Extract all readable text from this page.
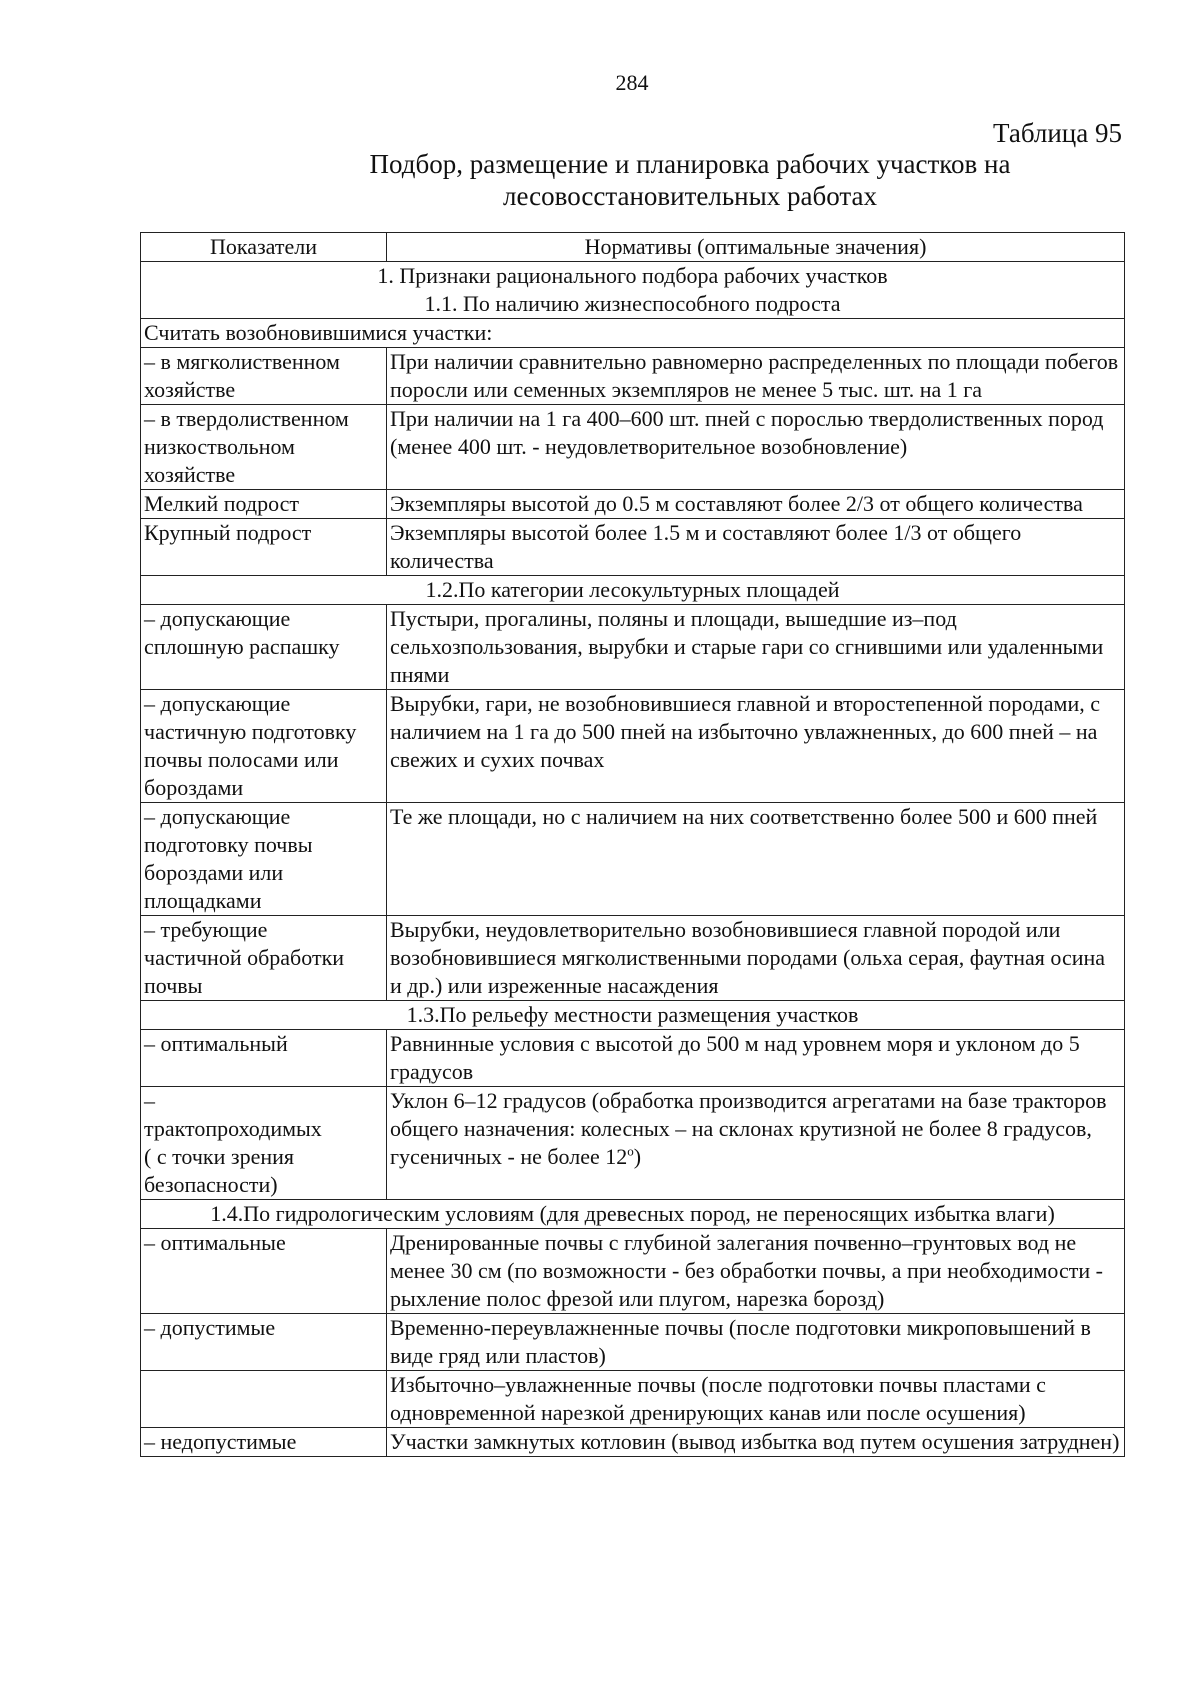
284
Таблица 95
Подбор, размещение и планировка рабочих участков на
лесовосстановительных работах
Показатели	Нормативы (оптимальные значения)
1. Признаки рационального подбора рабочих участков
1.1. По наличию жизнеспособного подроста	
Считать возобновившимися участки:	
– в мягколиственном
хозяйстве	При наличии сравнительно равномерно распределенных по площади побегов поросли или семенных экземпляров не менее 5 тыс. шт. на 1 га
– в твердолиственном
низкоствольном
хозяйстве	При наличии на 1 га 400–600 шт. пней с порослью твердолиственных пород (менее 400 шт. - неудовлетворительное возобновление)
Мелкий подрост	Экземпляры высотой до 0.5 м составляют более 2/3 от общего количества
Крупный подрост	Экземпляры высотой более 1.5 м и составляют более 1/3 от общего количества
1.2.По категории лесокультурных площадей	
– допускающие
сплошную распашку	Пустыри, прогалины, поляны и площади, вышедшие из–под сельхозпользования, вырубки и старые гари со сгнившими или удаленными пнями
– допускающие
частичную подготовку
почвы полосами или
бороздами	Вырубки, гари, не возобновившиеся главной и второстепенной породами, с наличием на 1 га до 500 пней на избыточно увлажненных, до 600 пней – на свежих и сухих почвах
– допускающие
подготовку почвы
бороздами или
площадками	Те же площади, но с наличием на них соответственно более 500 и 600 пней
– требующие
частичной обработки
почвы	Вырубки, неудовлетворительно возобновившиеся главной породой или возобновившиеся мягколиственными породами (ольха серая, фаутная осина и др.) или изреженные насаждения
1.3.По рельефу местности размещения участков	
– оптимальный	Равнинные условия с высотой до 500 м над уровнем моря и уклоном до 5 градусов
–
трактопроходимых
( с точки зрения
безопасности)	Уклон 6–12 градусов (обработка производится агрегатами на базе тракторов общего назначения: колесных – на склонах крутизной не более 8 градусов, гусеничных - не более $12^о$)
1.4.По гидрологическим условиям (для древесных пород, не переносящих избытка влаги)	
– оптимальные	Дренированные почвы с глубиной залегания почвенно–грунтовых вод не менее 30 см (по возможности - без обработки почвы, а при необходимости - рыхление полос фрезой или плугом, нарезка борозд)
– допустимые	Временно-переувлажненные почвы (после подготовки микроповышений в виде гряд или пластов)
	Избыточно–увлажненные почвы (после подготовки почвы пластами с одновременной нарезкой дренирующих канав или после осушения)
– недопустимые	Участки замкнутых котловин (вывод избытка вод путем осушения затруднен)
